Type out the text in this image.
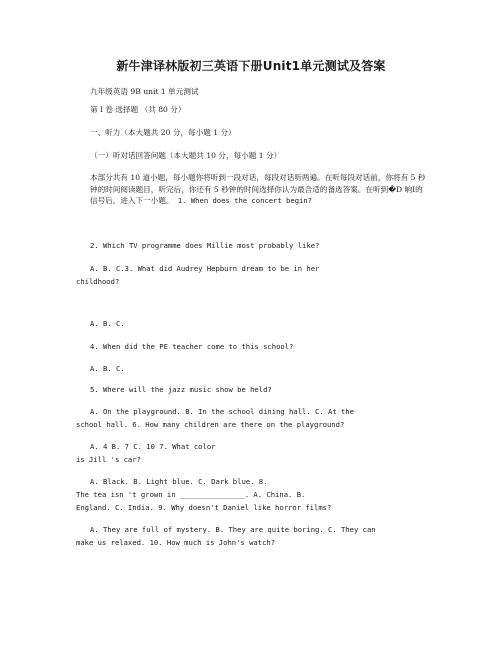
新牛津译林版初三英语下册Unit1单元测试及答案
九年级英语 9B unit 1 单元测试
第 I 卷 选择题 （共 80 分）
一、听力（本大题共 20 分，每小题 1 分）
（一）听对话回答问题（本大题共 10 分，每小题 1 分）
本部分共有 10 道小题，每小题你将听到一段对话，每段对话听两遍。在听每段对话前，你将有 5 秒钟的时间阅读题目，听完后，你还有 5 秒钟的时间选择你认为最合适的备选答案。在听到�D 响Ⅰ的信号后，进入下一小题。 1. When does the concert begin?
2. Which TV programme does Millie most probably like?
A. B. C.3. What did Audrey Hepburn dream to be in her
childhood?
A. B. C.
4. When did the PE teacher come to this school?
A. B. C.
5. Where will the jazz music show be held?
A. On the playground. B. In the school dining hall. C. At the
school hall. 6. How many children are there on the playground?
A. 4 B. 7 C. 10 7. What color
is Jill 's car?
A. Black. B. Light blue. C. Dark blue. 8.
The tea isn 't grown in _______________. A. China. B.
England. C. India. 9. Why doesn't Daniel like horror films?
A. They are full of mystery. B. They are quite boring. C. They can
make us relaxed. 10. How much is John's watch?
